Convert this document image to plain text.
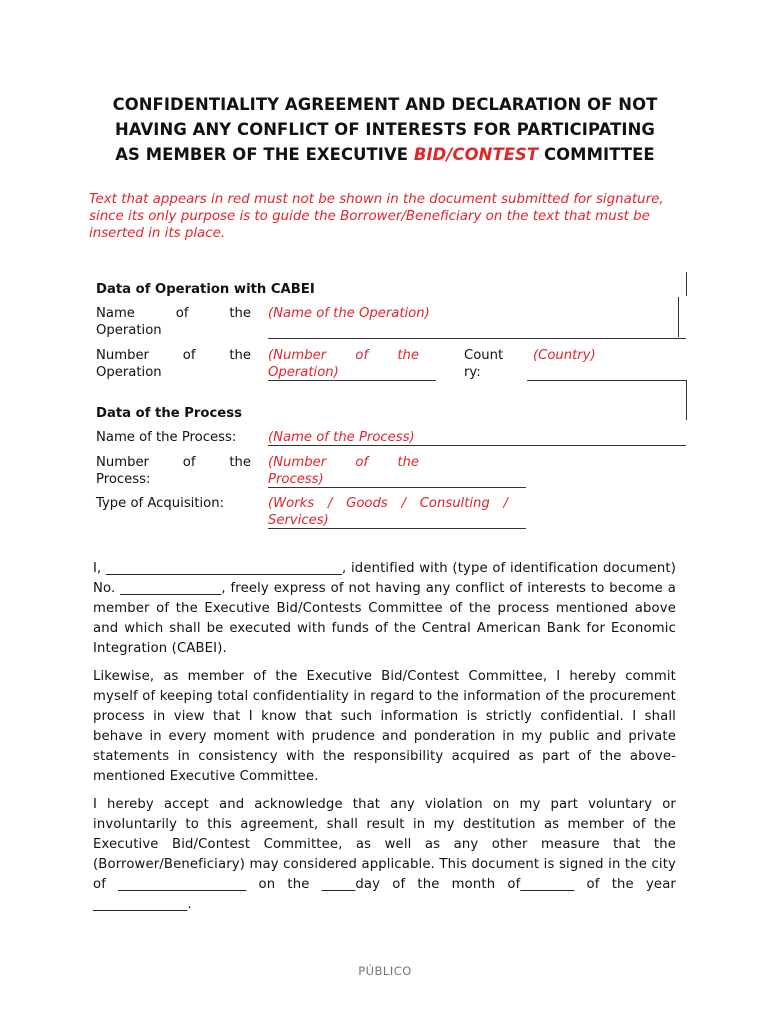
CONFIDENTIALITY AGREEMENT AND DECLARATION OF NOT
HAVING ANY CONFLICT OF INTERESTS FOR PARTICIPATING
AS MEMBER OF THE EXECUTIVE BID/CONTEST COMMITTEE
Text that appears in red must not be shown in the document submitted for signature, since its only purpose is to guide the Borrower/Beneficiary on the text that must be inserted in its place.
Data of Operation with CABEI
Name of the
Operation
(Name of the Operation)
Number of the
Operation
(Number of the
Operation)
Count
ry:
(Country)
Data of the Process
Name of the Process: (Name of the Process)
Number of the
Process:
(Number of the
Process)
Type of Acquisition:	(Works / Goods / Consulting /
Services)
I, ___________________________________, identified with (type of identification document) No. _______________, freely express of not having any conflict of interests to become a member of the Executive Bid/Contests Committee of the process mentioned above and which shall be executed with funds of the Central American Bank for Economic Integration (CABEI).
Likewise, as member of the Executive Bid/Contest Committee, I hereby commit myself of keeping total confidentiality in regard to the information of the procurement process in view that I know that such information is strictly confidential. I shall behave in every moment with prudence and ponderation in my public and private statements in consistency with the responsibility acquired as part of the above-mentioned Executive Committee.
I hereby accept and acknowledge that any violation on my part voluntary or involuntarily to this agreement, shall result in my destitution as member of the Executive Bid/Contest Committee, as well as any other measure that the (Borrower/Beneficiary) may considered applicable. This document is signed in the city of ___________________ on the _____day of the month of________ of the year ______________.
PÚBLICO
